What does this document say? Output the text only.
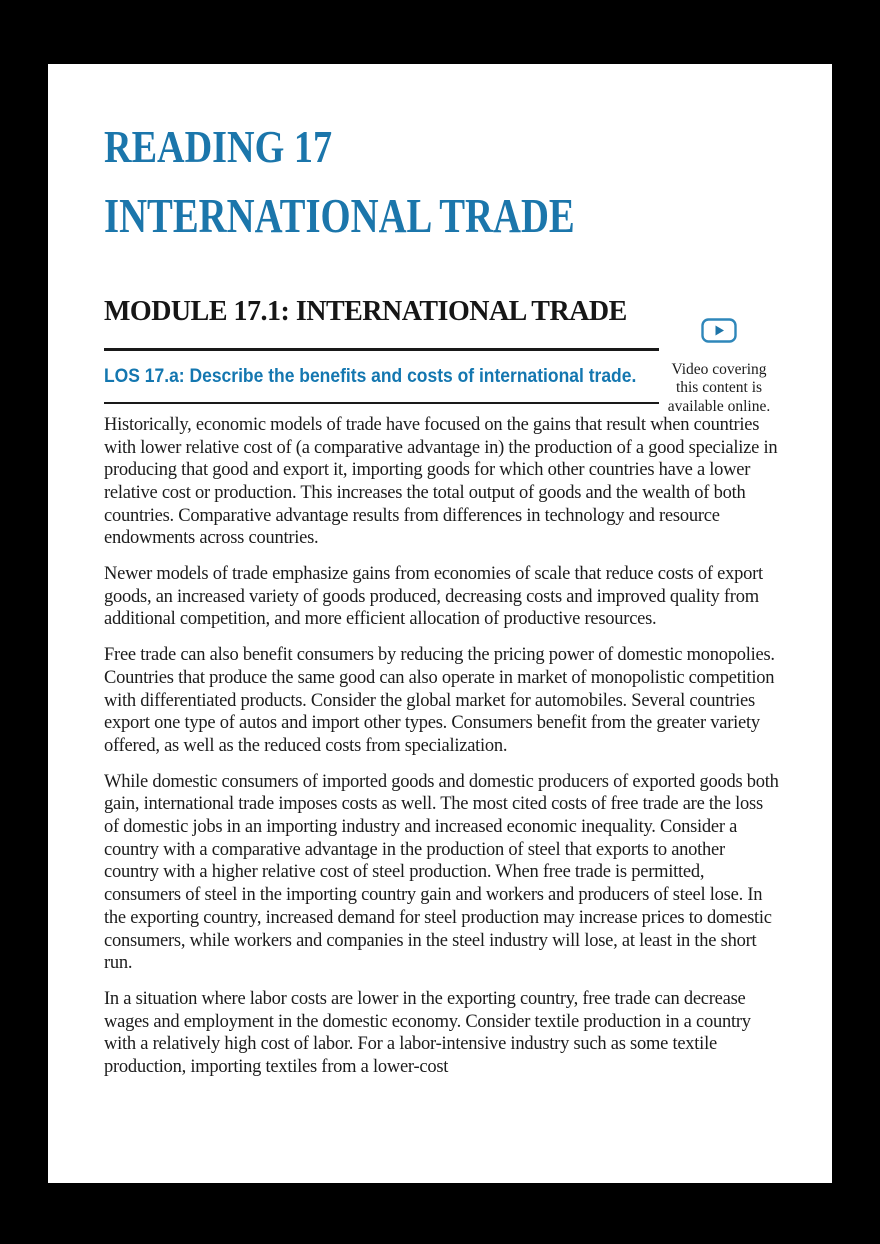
READING 17
INTERNATIONAL TRADE
MODULE 17.1: INTERNATIONAL TRADE
LOS 17.a: Describe the benefits and costs of international trade.	Video covering
this content is
available online.

Historically, economic models of trade have focused on the gains that result when countries with lower relative cost of (a comparative advantage in) the production of a good specialize in producing that good and export it, importing goods for which other countries have a lower relative cost or production. This increases the total output of goods and the wealth of both countries. Comparative advantage results from differences in technology and resource endowments across countries.

Newer models of trade emphasize gains from economies of scale that reduce costs of export goods, an increased variety of goods produced, decreasing costs and improved quality from additional competition, and more efficient allocation of productive resources.

Free trade can also benefit consumers by reducing the pricing power of domestic monopolies. Countries that produce the same good can also operate in market of monopolistic competition with differentiated products. Consider the global market for automobiles. Several countries export one type of autos and import other types. Consumers benefit from the greater variety offered, as well as the reduced costs from specialization.

While domestic consumers of imported goods and domestic producers of exported goods both gain, international trade imposes costs as well. The most cited costs of free trade are the loss of domestic jobs in an importing industry and increased economic inequality. Consider a country with a comparative advantage in the production of steel that exports to another country with a higher relative cost of steel production. When free trade is permitted, consumers of steel in the importing country gain and workers and producers of steel lose. In the exporting country, increased demand for steel production may increase prices to domestic consumers, while workers and companies in the steel industry will lose, at least in the short run.

In a situation where labor costs are lower in the exporting country, free trade can decrease wages and employment in the domestic economy. Consider textile production in a country with a relatively high cost of labor. For a labor-intensive industry such as some textile production, importing textiles from a lower-cost
